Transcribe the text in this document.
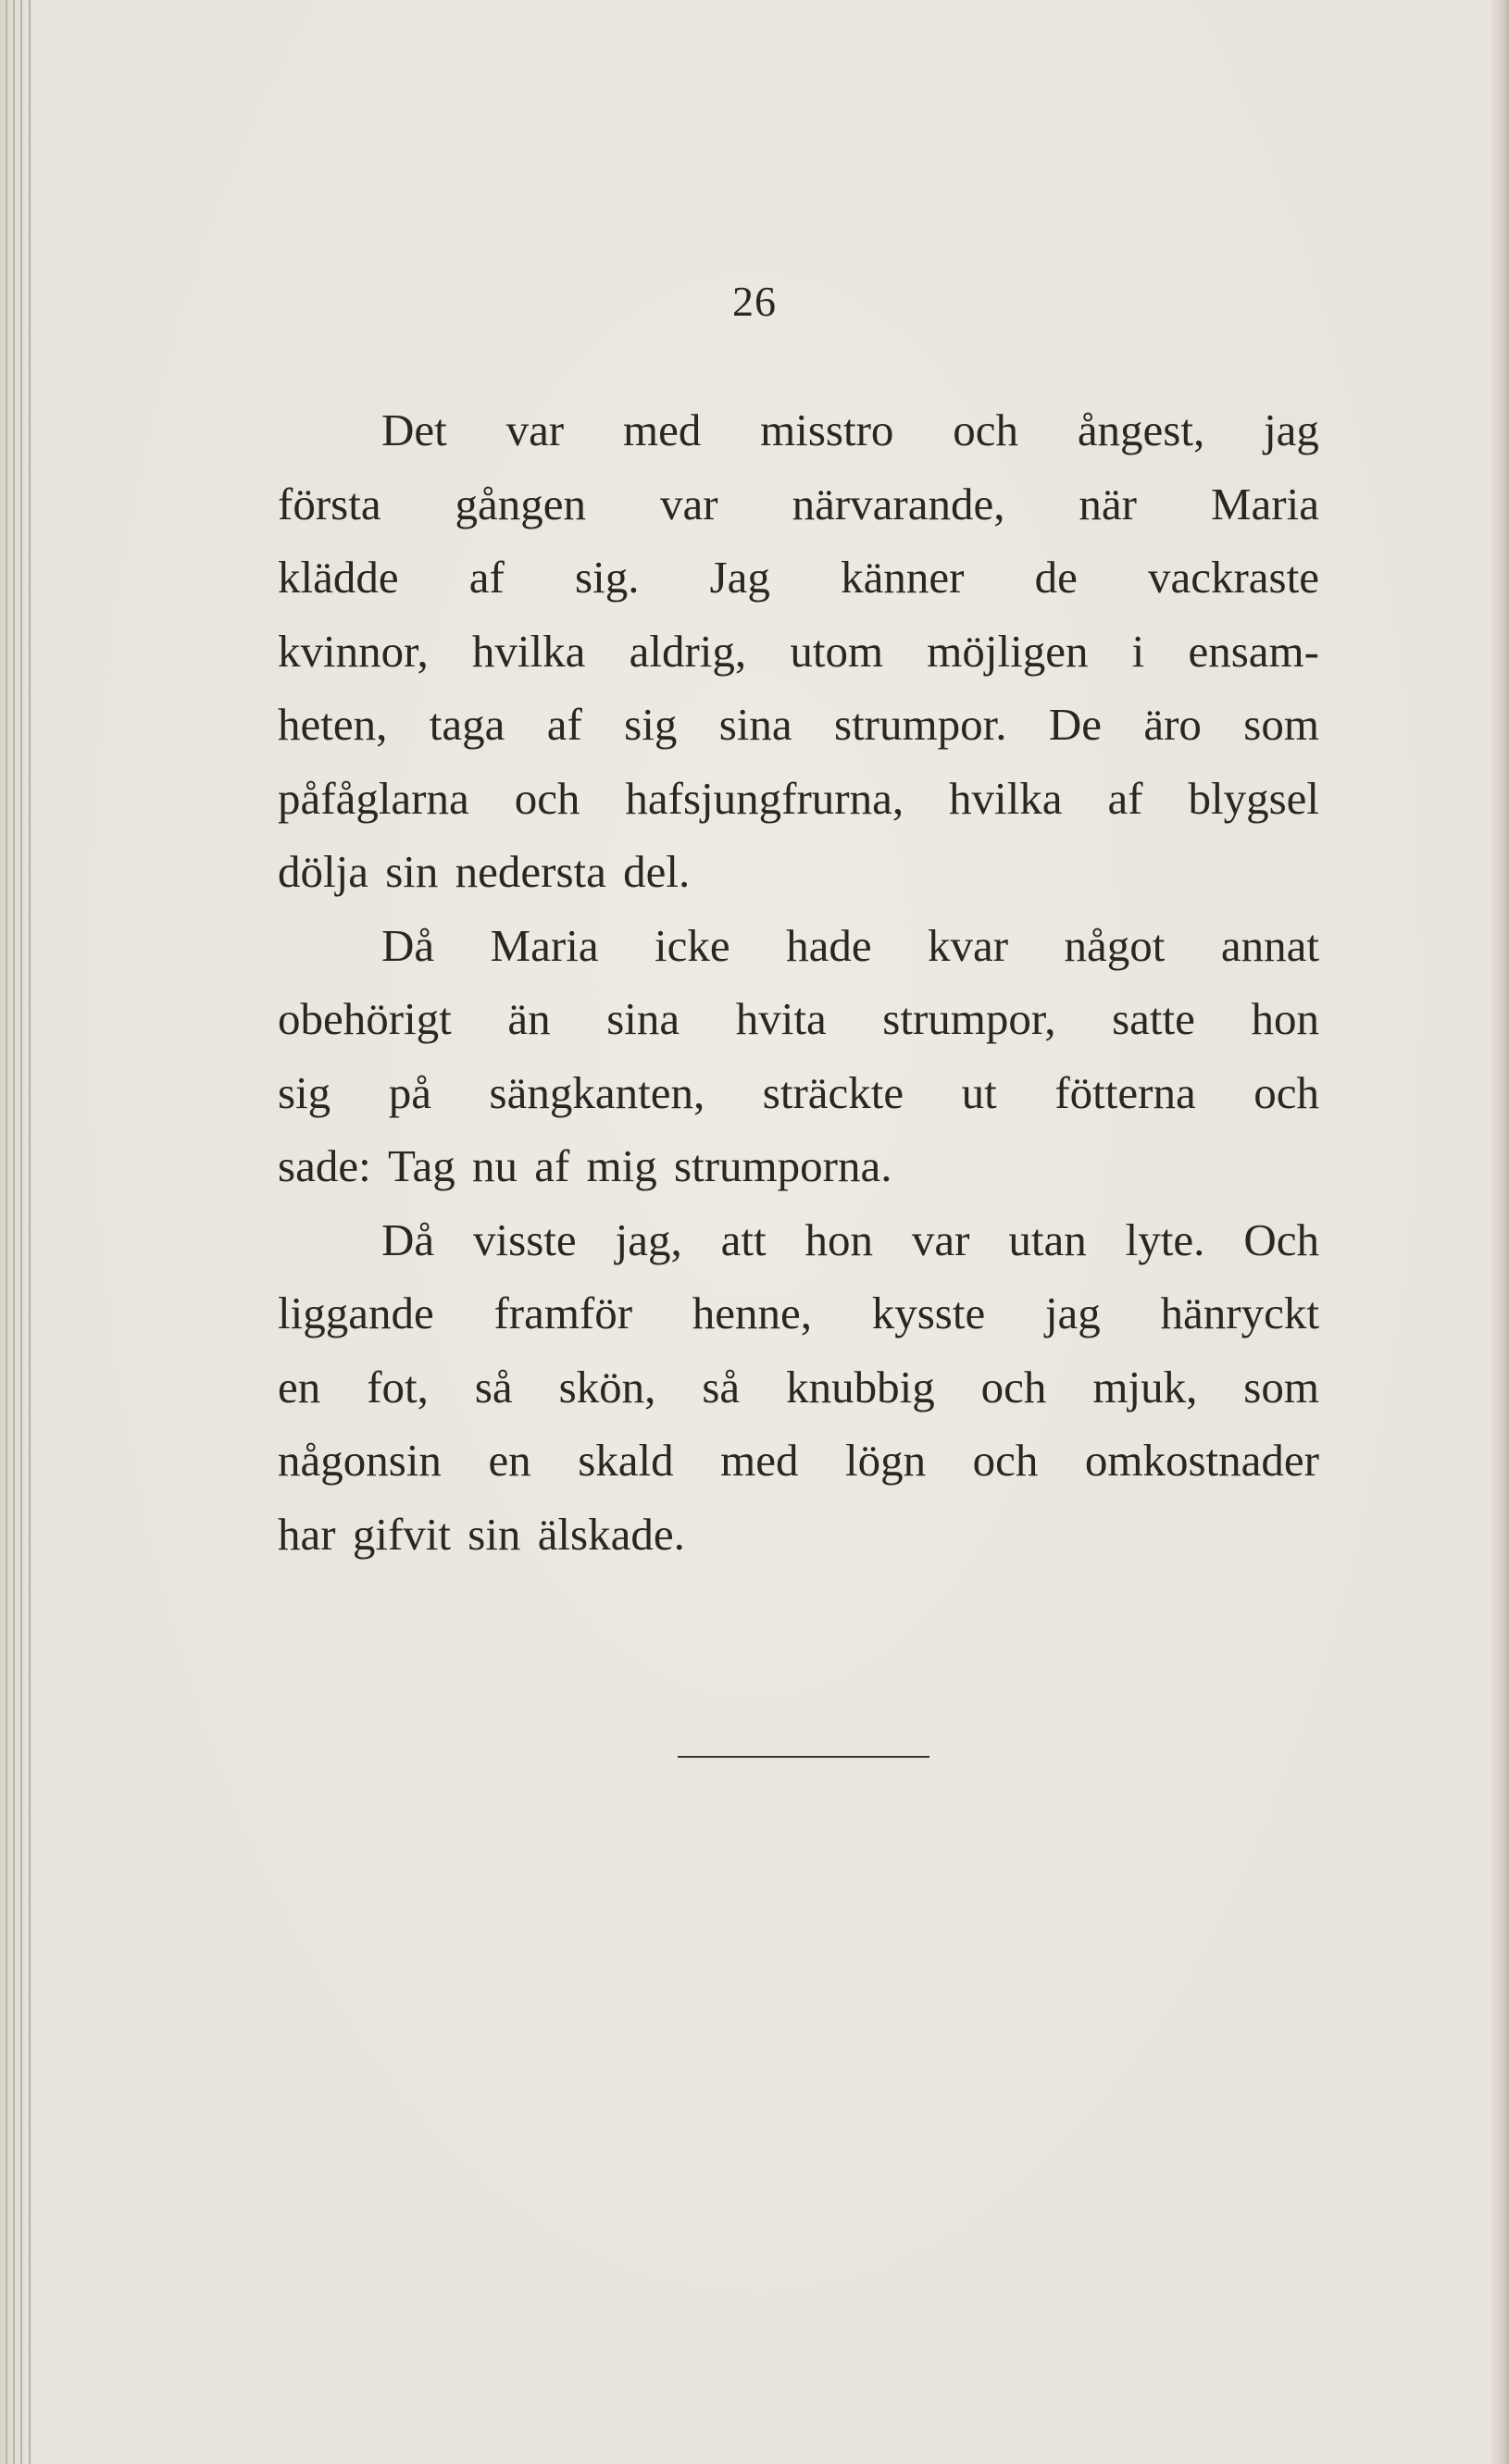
26
Det var med misstro och ångest, jag
första gången var närvarande, när Maria
klädde af sig. Jag känner de vackraste
kvinnor, hvilka aldrig, utom möjligen i ensam-
heten, taga af sig sina strumpor. De äro som
påfåglarna och hafsjungfrurna, hvilka af blygsel
dölja sin nedersta del.
Då Maria icke hade kvar något annat
obehörigt än sina hvita strumpor, satte hon
sig på sängkanten, sträckte ut fötterna och
sade: Tag nu af mig strumporna.
Då visste jag, att hon var utan lyte. Och
liggande framför henne, kysste jag hänryckt
en fot, så skön, så knubbig och mjuk, som
någonsin en skald med lögn och omkostnader
har gifvit sin älskade.
